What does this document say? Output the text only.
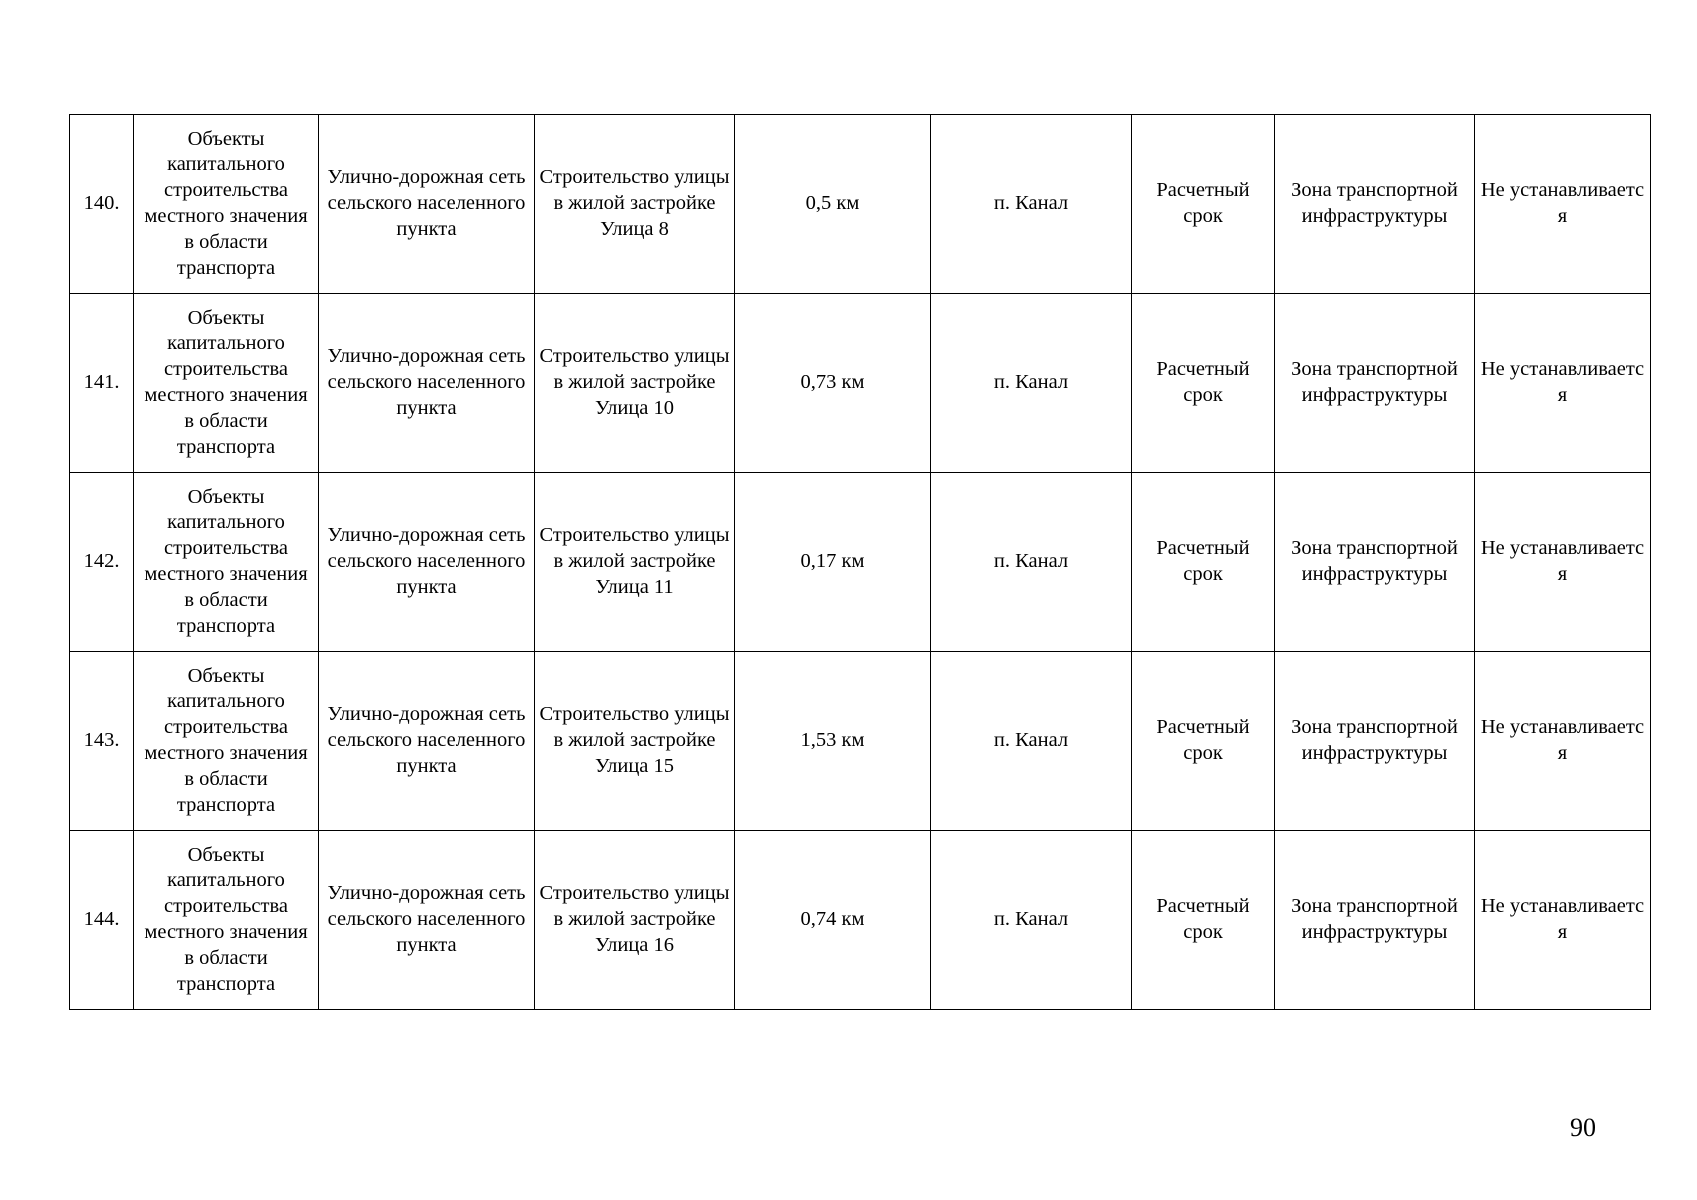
140.	Объекты капитального строительства местного значения в области транспорта	Улично-дорожная сеть сельского населенного пункта	Строительство улицы в жилой застройке Улица 8	0,5 км	п. Канал	Расчетный срок	Зона транспортной инфраструктуры	Не устанавливаетс я
141.	Объекты капитального строительства местного значения в области транспорта	Улично-дорожная сеть сельского населенного пункта	Строительство улицы в жилой застройке Улица 10	0,73 км	п. Канал	Расчетный срок	Зона транспортной инфраструктуры	Не устанавливаетс я
142.	Объекты капитального строительства местного значения в области транспорта	Улично-дорожная сеть сельского населенного пункта	Строительство улицы в жилой застройке Улица 11	0,17 км	п. Канал	Расчетный срок	Зона транспортной инфраструктуры	Не устанавливаетс я
143.	Объекты капитального строительства местного значения в области транспорта	Улично-дорожная сеть сельского населенного пункта	Строительство улицы в жилой застройке Улица 15	1,53 км	п. Канал	Расчетный срок	Зона транспортной инфраструктуры	Не устанавливаетс я
144.	Объекты капитального строительства местного значения в области транспорта	Улично-дорожная сеть сельского населенного пункта	Строительство улицы в жилой застройке Улица 16	0,74 км	п. Канал	Расчетный срок	Зона транспортной инфраструктуры	Не устанавливаетс я
90
